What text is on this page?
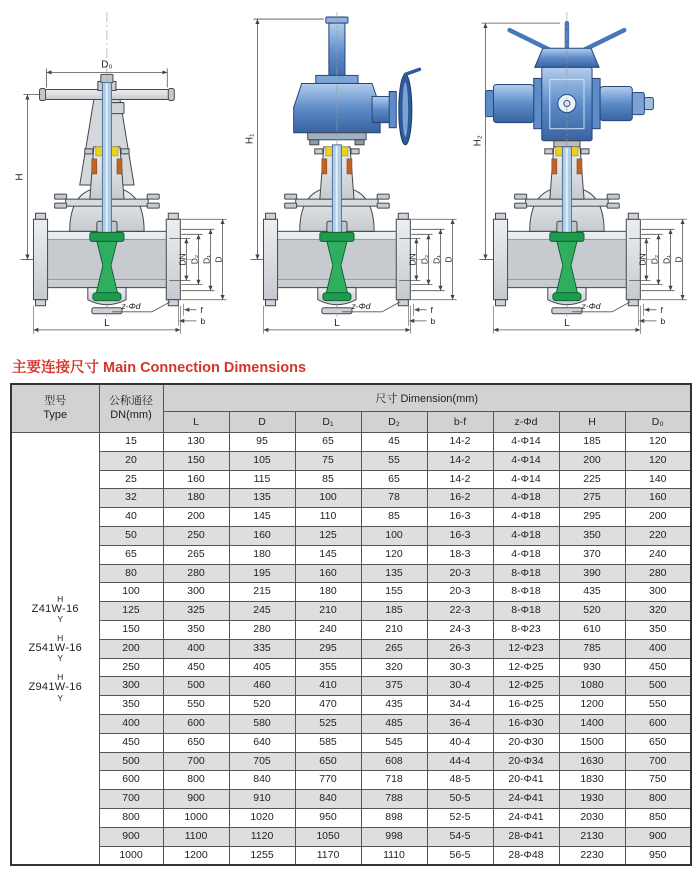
D₀
H
DN D₂ D₁ D
z-Φd	f
b
L
H₁
DN D₂ D₁ D
z-Φd	f
b
L
H₂
DN D₂ D₁ D
z-Φd	f
b
L
主要连接尺寸 Main Connection Dimensions
型号
Type

公称通径
DN(mm)
	尺寸 Dimension(mm)
		L	D	D₁	D₂	b-f	z-Φd	H	D₀

H
Z41W-16
Y
H
Z541W-16
Y
H
Z941W-16
Y
	15	130	95	65	45	14-2	4-Φ14	185	120
	20	150	105	75	55	14-2	4-Φ14	200	120
	25	160	115	85	65	14-2	4-Φ14	225	140
	32	180	135	100	78	16-2	4-Φ18	275	160
	40	200	145	110	85	16-3	4-Φ18	295	200
	50	250	160	125	100	16-3	4-Φ18	350	220
	65	265	180	145	120	18-3	4-Φ18	370	240
	80	280	195	160	135	20-3	8-Φ18	390	280
	100	300	215	180	155	20-3	8-Φ18	435	300
	125	325	245	210	185	22-3	8-Φ18	520	320
	150	350	280	240	210	24-3	8-Φ23	610	350
	200	400	335	295	265	26-3	12-Φ23	785	400
	250	450	405	355	320	30-3	12-Φ25	930	450
	300	500	460	410	375	30-4	12-Φ25	1080	500
	350	550	520	470	435	34-4	16-Φ25	1200	550
	400	600	580	525	485	36-4	16-Φ30	1400	600
	450	650	640	585	545	40-4	20-Φ30	1500	650
	500	700	705	650	608	44-4	20-Φ34	1630	700
	600	800	840	770	718	48-5	20-Φ41	1830	750
	700	900	910	840	788	50-5	24-Φ41	1930	800
	800	1000	1020	950	898	52-5	24-Φ41	2030	850
	900	1100	1120	1050	998	54-5	28-Φ41	2130	900
	1000	1200	1255	1170	1110	56-5	28-Φ48	2230	950
